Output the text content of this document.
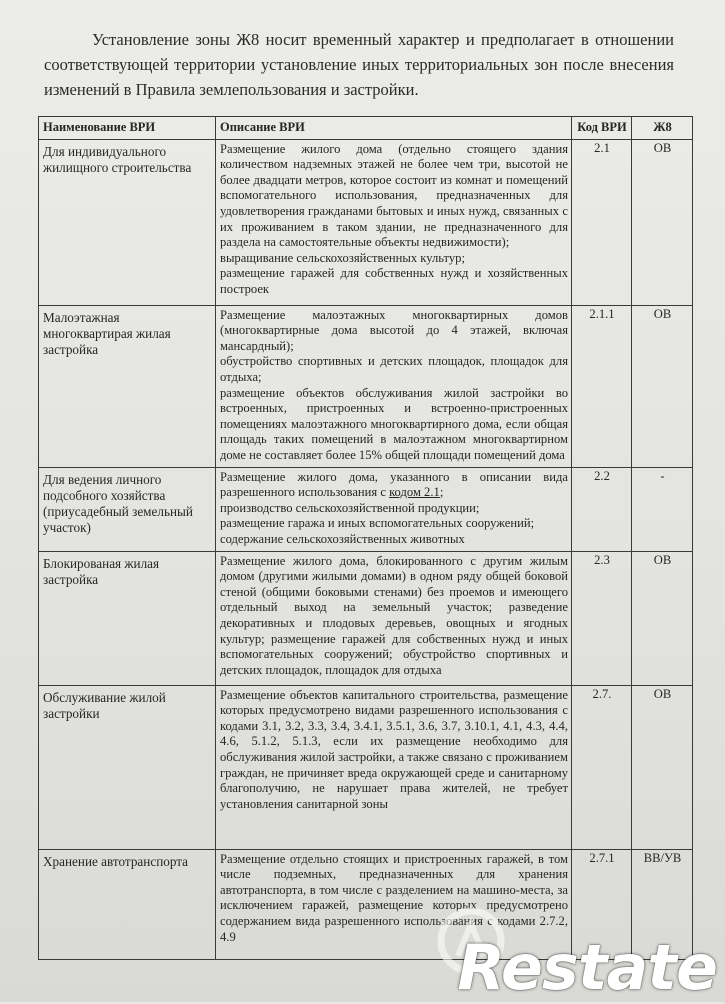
Установление зоны Ж8 носит временный характер и предполагает в отношении соответствующей территории установление иных территориальных зон после внесения изменений в Правила землепользования и застройки.

Наименование ВРИ	Описание ВРИ	Код ВРИ	Ж8
Для индивидуального жилищного строительства	Размещение жилого дома (отдельно стоящего здания количеством надземных этажей не более чем три, высотой не более двадцати метров, которое состоит из комнат и помещений вспомогательного использования, предназначенных для удовлетворения гражданами бытовых и иных нужд, связанных с их проживанием в таком здании, не предназначенного для раздела на самостоятельные объекты недвижимости);
выращивание сельскохозяйственных культур;
размещение гаражей для собственных нужд и хозяйственных построек	2.1	ОВ
Малоэтажная многоквартирая жилая застройка	Размещение малоэтажных многоквартирных домов (многоквартирные дома высотой до 4 этажей, включая мансардный);
обустройство спортивных и детских площадок, площадок для отдыха;
размещение объектов обслуживания жилой застройки во встроенных, пристроенных и встроенно-пристроенных помещениях малоэтажного многоквартирного дома, если общая площадь таких помещений в малоэтажном многоквартирном доме не составляет более 15% общей площади помещений дома	2.1.1	ОВ
Для ведения личного подсобного хозяйства (приусадебный земельный участок)	Размещение жилого дома, указанного в описании вида разрешенного использования с кодом 2.1;
производство сельскохозяйственной продукции;
размещение гаража и иных вспомогательных сооружений;
содержание сельскохозяйственных животных	2.2	-
Блокированая жилая застройка	Размещение жилого дома, блокированного с другим жилым домом (другими жилыми домами) в одном ряду общей боковой стеной (общими боковыми стенами) без проемов и имеющего отдельный выход на земельный участок; разведение декоративных и плодовых деревьев, овощных и ягодных культур; размещение гаражей для собственных нужд и иных вспомогательных сооружений; обустройство спортивных и детских площадок, площадок для отдыха	2.3	ОВ
Обслуживание жилой застройки	Размещение объектов капитального строительства, размещение которых предусмотрено видами разрешенного использования с кодами 3.1, 3.2, 3.3, 3.4, 3.4.1, 3.5.1, 3.6, 3.7, 3.10.1, 4.1, 4.3, 4.4, 4.6, 5.1.2, 5.1.3, если их размещение необходимо для обслуживания жилой застройки, а также связано с проживанием граждан, не причиняет вреда окружающей среде и санитарному благополучию, не нарушает права жителей, не требует установления санитарной зоны	2.7.	ОВ
Хранение автотранспорта	Размещение отдельно стоящих и пристроенных гаражей, в том числе подземных, предназначенных для хранения автотранспорта, в том числе с разделением на машино-места, за исключением гаражей, размещение которых предусмотрено содержанием вида разрешенного использования с кодами 2.7.2, 4.9	2.7.1	ВВ/УВ
Restate
